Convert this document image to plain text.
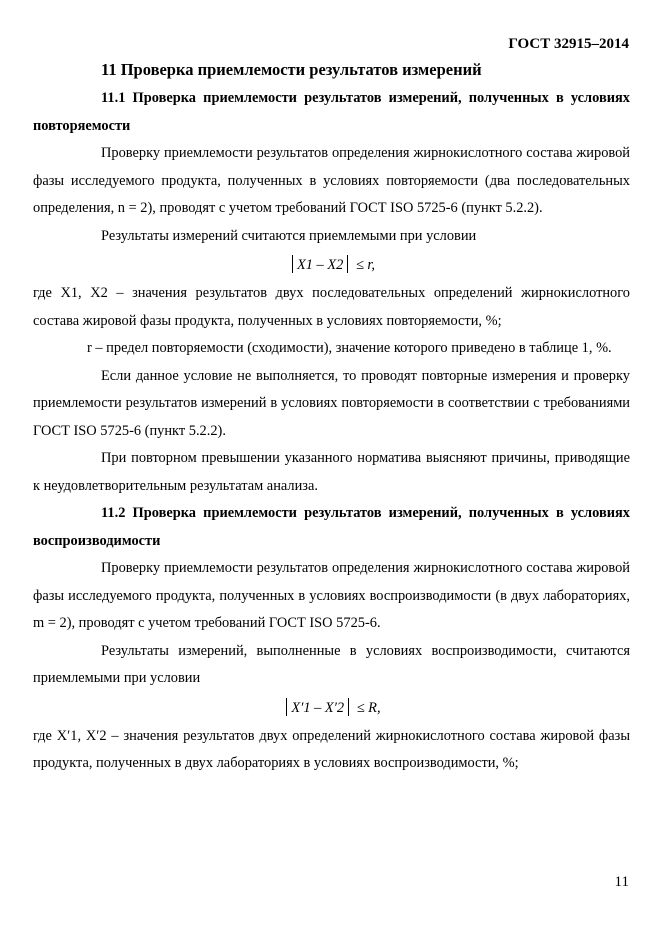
ГОСТ 32915–2014

11 Проверка приемлемости результатов измерений

11.1 Проверка приемлемости результатов измерений, полученных в условиях повторяемости

Проверку приемлемости результатов определения жирнокислотного состава жировой фазы исследуемого продукта, полученных в условиях повторяемости (два последовательных определения, n = 2), проводят с учетом требований ГОСТ ISO 5725-6 (пункт 5.2.2).

Результаты измерений считаются приемлемыми при условии

X1 – X2 ≤ r,

где X1, X2 – значения результатов двух последовательных определений жирнокислотного состава жировой фазы продукта, полученных в условиях повторяемости, %;

r – предел повторяемости (сходимости), значение которого приведено в таблице 1, %.

Если данное условие не выполняется, то проводят повторные измерения и проверку приемлемости результатов измерений в условиях повторяемости в соответствии с требованиями ГОСТ ISO 5725-6 (пункт 5.2.2).

При повторном превышении указанного норматива выясняют причины, приводящие к неудовлетворительным результатам анализа.

11.2 Проверка приемлемости результатов измерений, полученных в условиях воспроизводимости

Проверку приемлемости результатов определения жирнокислотного состава жировой фазы исследуемого продукта, полученных в условиях воспроизводимости (в двух лабораториях, m = 2), проводят с учетом требований ГОСТ ISO 5725-6.

Результаты измерений, выполненные в условиях воспроизводимости, считаются приемлемыми при условии

X′1 – X′2 ≤ R,

где X′1, X′2 – значения результатов двух определений жирнокислотного состава жировой фазы продукта, полученных в двух лабораториях в условиях воспроизводимости, %;

11
